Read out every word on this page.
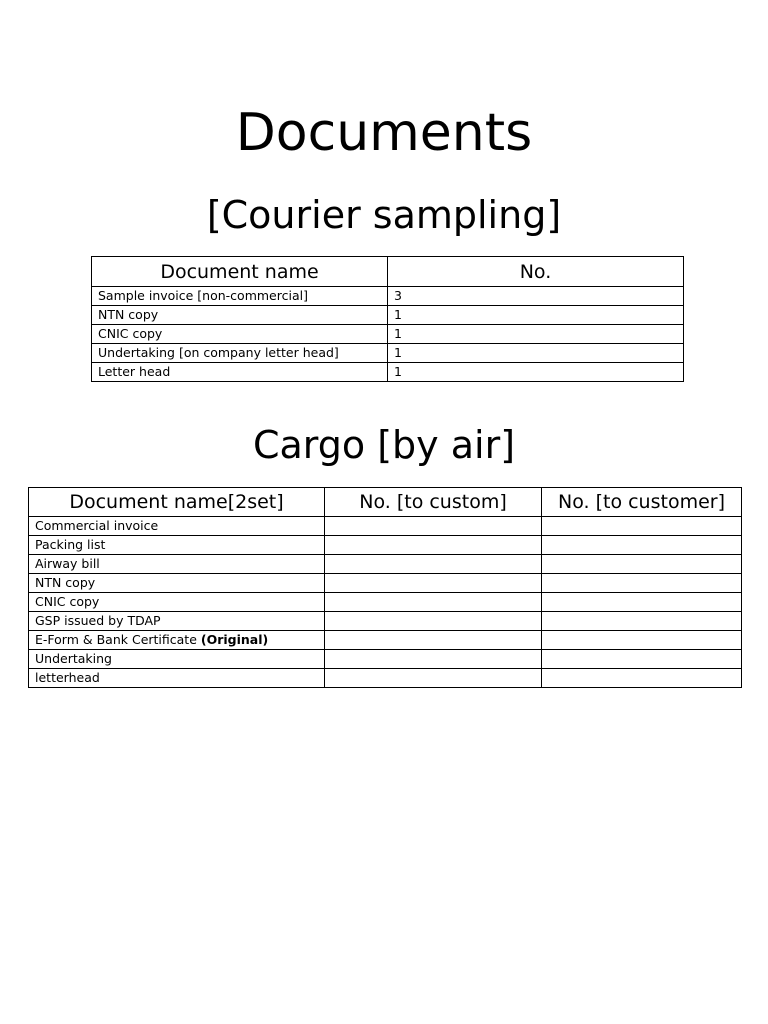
Documents
[Courier sampling]
Document name	No.
Sample invoice [non-commercial]	3
NTN copy	1
CNIC copy	1
Undertaking [on company letter head]	1
Letter head	1
Cargo [by air]
Document name[2set]	No. [to custom]	No. [to customer]
Commercial invoice		
Packing list		
Airway bill		
NTN copy		
CNIC copy		
GSP issued by TDAP		
E-Form & Bank Certificate (Original)		
Undertaking		
letterhead		
